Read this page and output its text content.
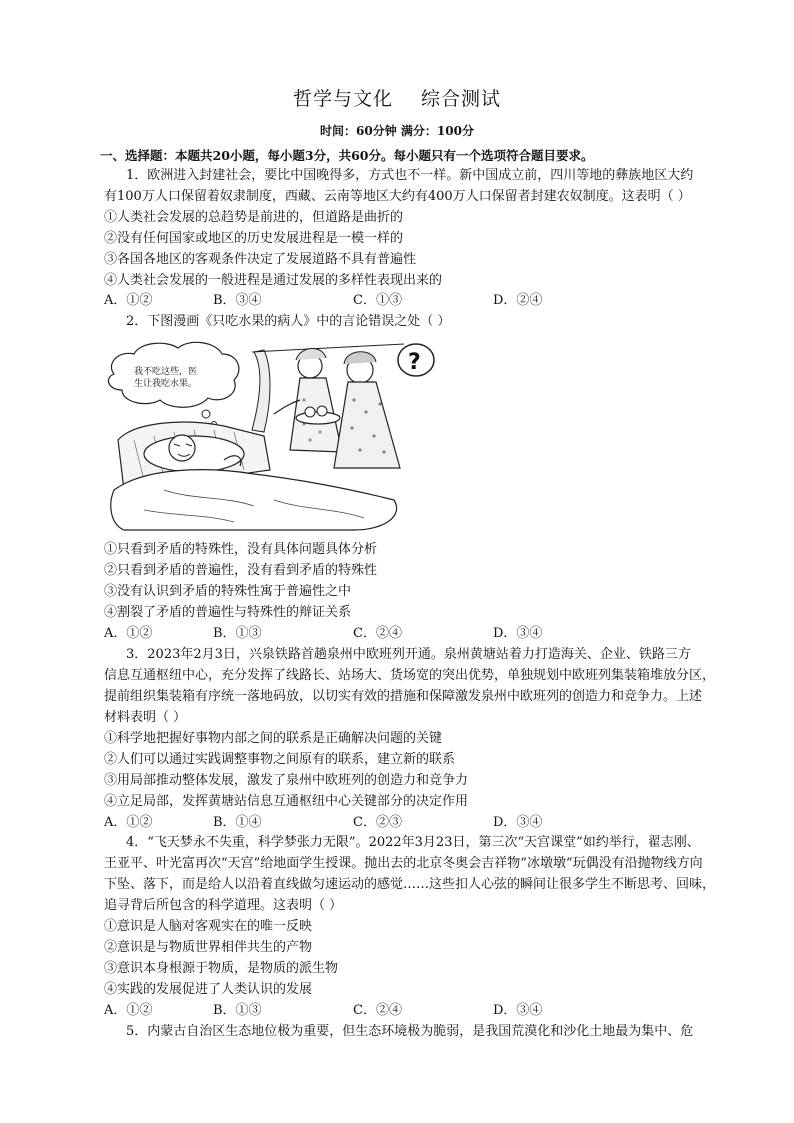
哲学与文化 综合测试
时间：60分钟 满分：100分
一、选择题：本题共20小题，每小题3分，共60分。每小题只有一个选项符合题目要求。
1．欧洲进入封建社会，要比中国晚得多，方式也不一样。新中国成立前，四川等地的彝族地区大约
有100万人口保留着奴隶制度，西藏、云南等地区大约有400万人口保留者封建农奴制度。这表明（ ）
①人类社会发展的总趋势是前进的，但道路是曲折的
②没有任何国家或地区的历史发展进程是一模一样的
③各国各地区的客观条件决定了发展道路不具有普遍性
④人类社会发展的一般进程是通过发展的多样性表现出来的
A．①②	B．③④	C．①③	D．②④
2．下图漫画《只吃水果的病人》中的言论错误之处（ ）
我不吃这些，医
生让我吃水果。
?
①只看到矛盾的特殊性，没有具体问题具体分析
②只看到矛盾的普遍性，没有看到矛盾的特殊性
③没有认识到矛盾的特殊性寓于普遍性之中
④割裂了矛盾的普遍性与特殊性的辩证关系
A．①②	B．①③	C．②④	D．③④
3．2023年2月3日，兴泉铁路首趟泉州中欧班列开通。泉州黄塘站着力打造海关、企业、铁路三方
信息互通枢纽中心，充分发挥了线路长、站场大、货场宽的突出优势，单独规划中欧班列集装箱堆放分区，
提前组织集装箱有序统一落地码放，以切实有效的措施和保障激发泉州中欧班列的创造力和竞争力。上述
材料表明（ ）
①科学地把握好事物内部之间的联系是正确解决问题的关键
②人们可以通过实践调整事物之间原有的联系，建立新的联系
③用局部推动整体发展，激发了泉州中欧班列的创造力和竞争力
④立足局部，发挥黄塘站信息互通枢纽中心关键部分的决定作用
A．①②	B．①④	C．②③	D．③④
4．“飞天梦永不失重，科学梦张力无限”。2022年3月23日，第三次“天宫课堂”如约举行，翟志刚、
王亚平、叶光富再次“天宫”给地面学生授课。抛出去的北京冬奥会吉祥物“冰墩墩”玩偶没有沿抛物线方向
下坠、落下，而是给人以沿着直线做匀速运动的感觉……这些扣人心弦的瞬间让很多学生不断思考、回味，
追寻背后所包含的科学道理。这表明（ ）
①意识是人脑对客观实在的唯一反映
②意识是与物质世界相伴共生的产物
③意识本身根源于物质，是物质的派生物
④实践的发展促进了人类认识的发展
A．①②	B．①③	C．②④	D．③④
5．内蒙古自治区生态地位极为重要，但生态环境极为脆弱，是我国荒漠化和沙化土地最为集中、危
